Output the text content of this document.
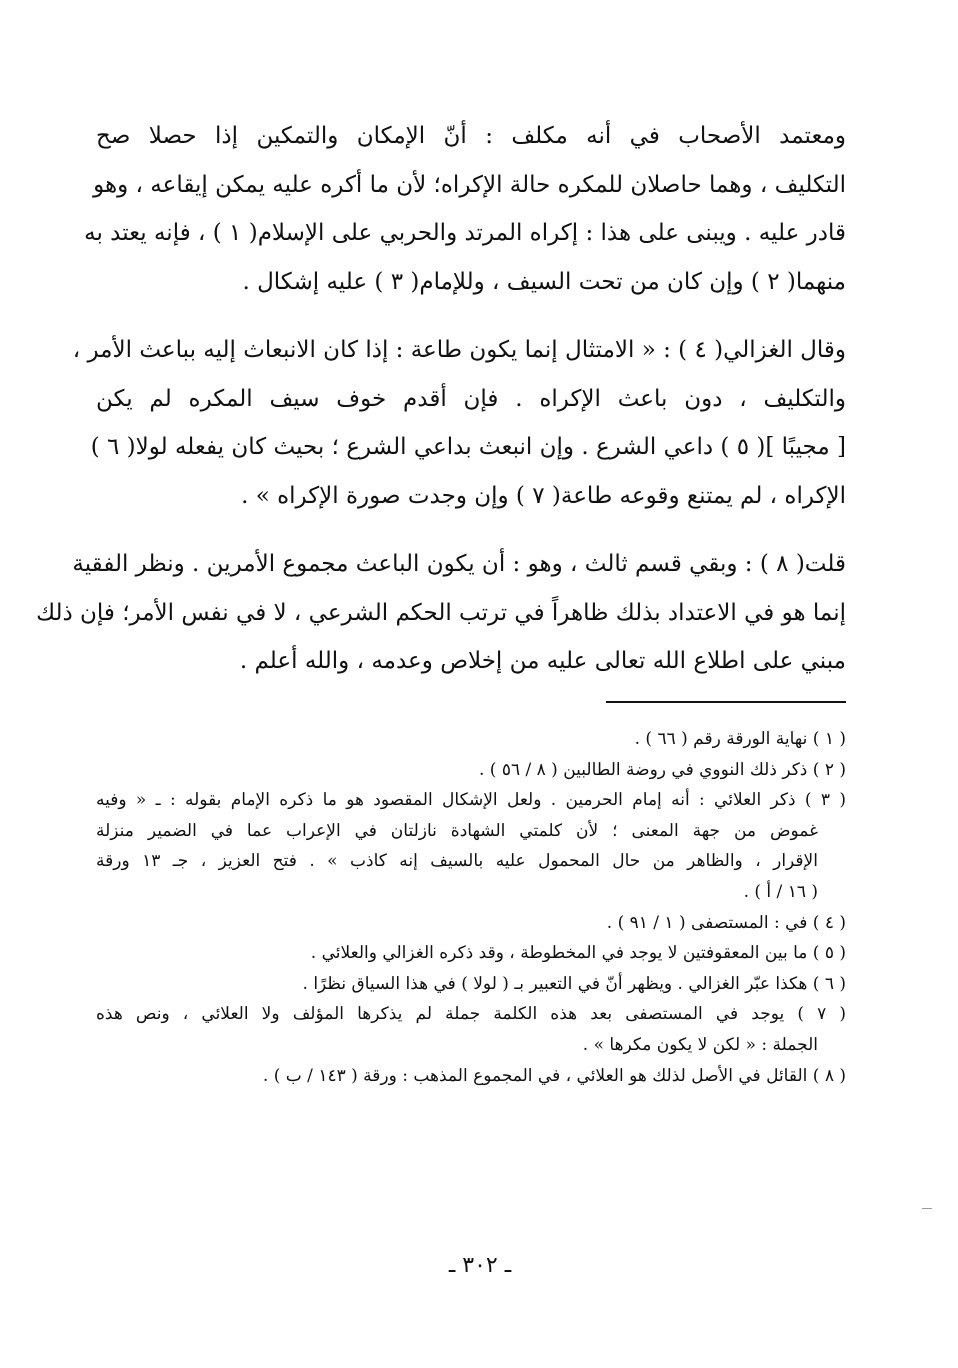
ومعتمد الأصحاب في أنه مكلف : أنّ الإمكان والتمكين إذا حصلا صح
التكليف ، وهما حاصلان للمكره حالة الإكراه؛ لأن ما أكره عليه يمكن إيقاعه ، وهو
قادر عليه . ويبنى على هذا : إكراه المرتد والحربي على الإسلام( ١ ) ، فإنه يعتد به
منهما( ٢ ) وإن كان من تحت السيف ، وللإمام( ٣ ) عليه إشكال .

وقال الغزالي( ٤ ) : « الامتثال إنما يكون طاعة : إذا كان الانبعاث إليه بباعث الأمر ،
والتكليف ، دون باعث الإكراه . فإن أقدم خوف سيف المكره لم يكن
[ مجيبًا ]( ٥ ) داعي الشرع . وإن انبعث بداعي الشرع ؛ بحيث كان يفعله لولا( ٦ )
الإكراه ، لم يمتنع وقوعه طاعة( ٧ ) وإن وجدت صورة الإكراه » .

قلت( ٨ ) : وبقي قسم ثالث ، وهو : أن يكون الباعث مجموع الأمرين . ونظر الفقية
إنما هو في الاعتداد بذلك ظاهراً في ترتب الحكم الشرعي ، لا في نفس الأمر؛ فإن ذلك
مبني على اطلاع الله تعالى عليه من إخلاص وعدمه ، والله أعلم .

( ١ ) نهاية الورقة رقم ( ٦٦ ) .
( ٢ ) ذكر ذلك النووي في روضة الطالبين ( ٨ / ٥٦ ) .
( ٣ ) ذكر العلائي : أنه إمام الحرمين . ولعل الإشكال المقصود هو ما ذكره الإمام بقوله : ـ « وفيه
غموض من جهة المعنى ؛ لأن كلمتي الشهادة نازلتان في الإعراب عما في الضمير منزلة
الإقرار ، والظاهر من حال المحمول عليه بالسيف إنه كاذب » . فتح العزيز ، جـ ١٣ ورقة
( ١٦ / أ ) .
( ٤ ) في : المستصفى ( ١ / ٩١ ) .
( ٥ ) ما بين المعقوفتين لا يوجد في المخطوطة ، وقد ذكره الغزالي والعلائي .
( ٦ ) هكذا عبّر الغزالي . ويظهر أنّ في التعبير بـ ( لولا ) في هذا السياق نظرًا .
( ٧ ) يوجد في المستصفى بعد هذه الكلمة جملة لم يذكرها المؤلف ولا العلائي ، ونص هذه
الجملة : « لكن لا يكون مكرها » .
( ٨ ) القائل في الأصل لذلك هو العلائي ، في المجموع المذهب : ورقة ( ١٤٣ / ب ) .
ـ ٣٠٢ ـ
